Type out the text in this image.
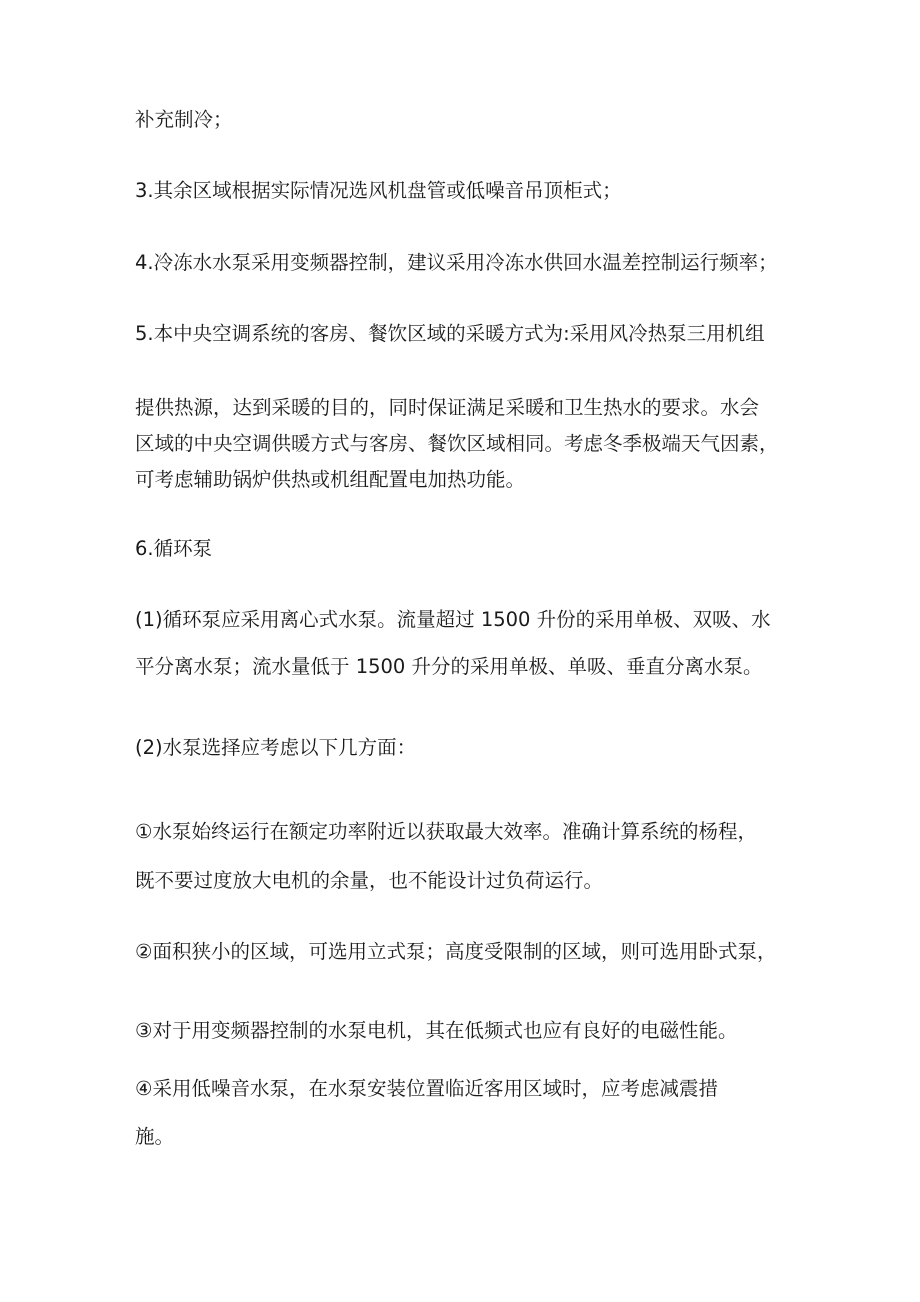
补充制冷；
3.其余区域根据实际情况选风机盘管或低噪音吊顶柜式；
4.冷冻水水泵采用变频器控制，建议采用冷冻水供回水温差控制运行频率；
5.本中央空调系统的客房、餐饮区域的采暖方式为:采用风冷热泵三用机组
提供热源，达到采暖的目的，同时保证满足采暖和卫生热水的要求。水会
区域的中央空调供暖方式与客房、餐饮区域相同。考虑冬季极端天气因素，
可考虑辅助锅炉供热或机组配置电加热功能。
6.循环泵
(1)循环泵应采用离心式水泵。流量超过 1500 升份的采用单极、双吸、水
平分离水泵；流水量低于 1500 升分的采用单极、单吸、垂直分离水泵。
(2)水泵选择应考虑以下几方面：
①水泵始终运行在额定功率附近以获取最大效率。准确计算系统的杨程，
既不要过度放大电机的余量，也不能设计过负荷运行。
②面积狭小的区域，可选用立式泵；高度受限制的区域，则可选用卧式泵，
③对于用变频器控制的水泵电机，其在低频式也应有良好的电磁性能。
④采用低噪音水泵，在水泵安装位置临近客用区域时，应考虑减震措
施。
